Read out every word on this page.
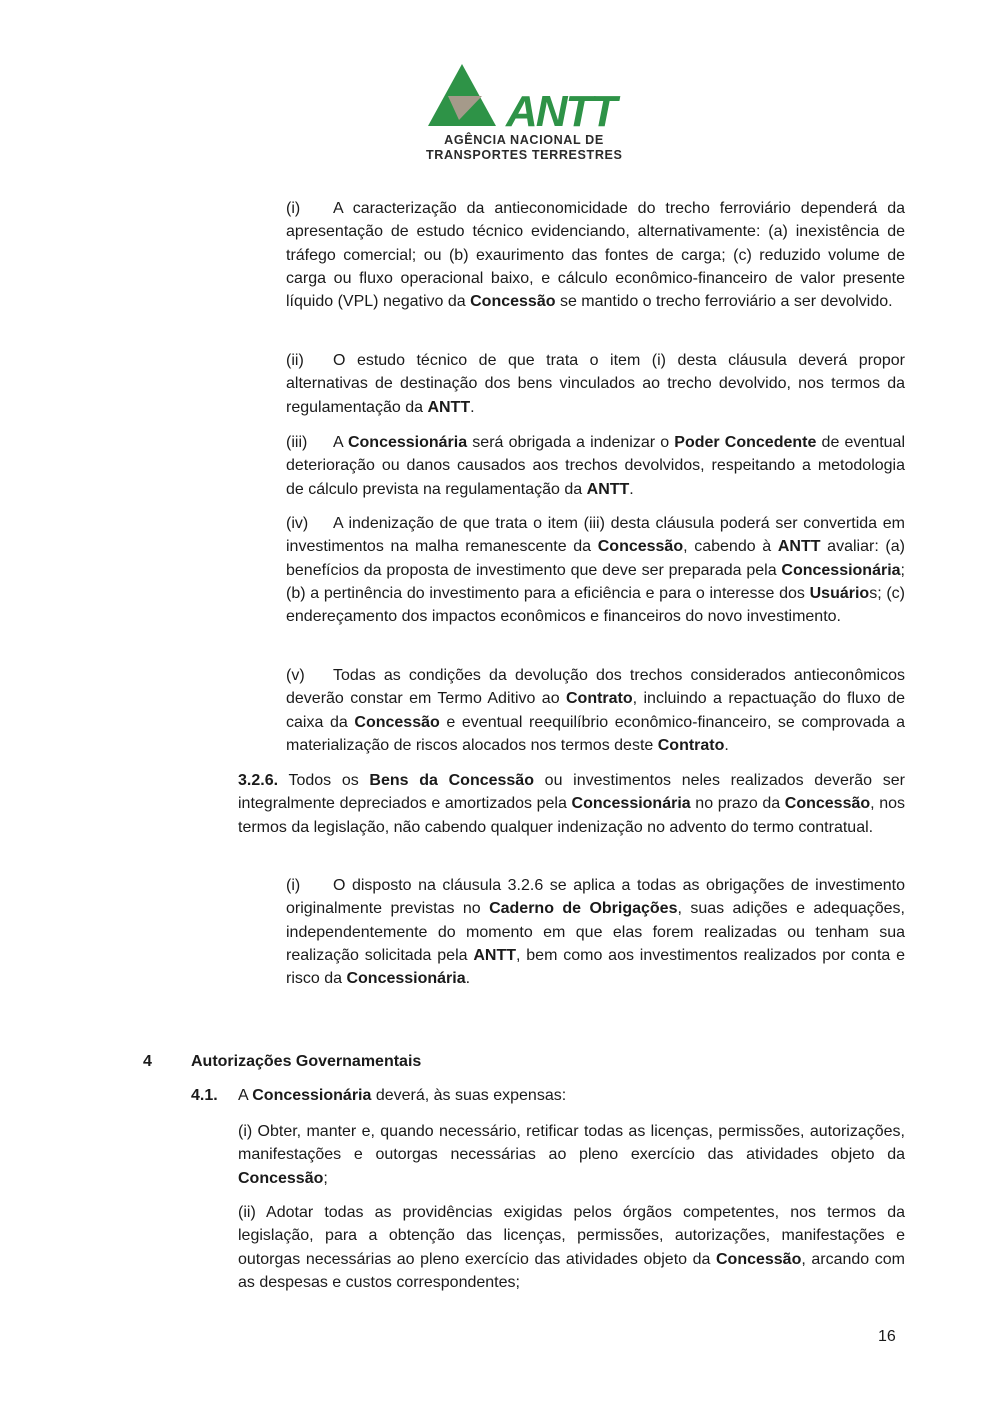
ANTT
AGÊNCIA NACIONAL DE
TRANSPORTES TERRESTRES
(i) A caracterização da antieconomicidade do trecho ferroviário dependerá da apresentação de estudo técnico evidenciando, alternativamente: (a) inexistência de tráfego comercial; ou (b) exaurimento das fontes de carga; (c) reduzido volume de carga ou fluxo operacional baixo, e cálculo econômico-financeiro de valor presente líquido (VPL) negativo da Concessão se mantido o trecho ferroviário a ser devolvido.
(ii) O estudo técnico de que trata o item (i) desta cláusula deverá propor alternativas de destinação dos bens vinculados ao trecho devolvido, nos termos da regulamentação da ANTT.
(iii) A Concessionária será obrigada a indenizar o Poder Concedente de eventual deterioração ou danos causados aos trechos devolvidos, respeitando a metodologia de cálculo prevista na regulamentação da ANTT.
(iv) A indenização de que trata o item (iii) desta cláusula poderá ser convertida em investimentos na malha remanescente da Concessão, cabendo à ANTT avaliar: (a) benefícios da proposta de investimento que deve ser preparada pela Concessionária; (b) a pertinência do investimento para a eficiência e para o interesse dos Usuários; (c) endereçamento dos impactos econômicos e financeiros do novo investimento.
(v) Todas as condições da devolução dos trechos considerados antieconômicos deverão constar em Termo Aditivo ao Contrato, incluindo a repactuação do fluxo de caixa da Concessão e eventual reequilíbrio econômico-financeiro, se comprovada a materialização de riscos alocados nos termos deste Contrato.
3.2.6. Todos os Bens da Concessão ou investimentos neles realizados deverão ser integralmente depreciados e amortizados pela Concessionária no prazo da Concessão, nos termos da legislação, não cabendo qualquer indenização no advento do termo contratual.
(i) O disposto na cláusula 3.2.6 se aplica a todas as obrigações de investimento originalmente previstas no Caderno de Obrigações, suas adições e adequações, independentemente do momento em que elas forem realizadas ou tenham sua realização solicitada pela ANTT, bem como aos investimentos realizados por conta e risco da Concessionária.
4 Autorizações Governamentais
4.1. A Concessionária deverá, às suas expensas:
(i) Obter, manter e, quando necessário, retificar todas as licenças, permissões, autorizações, manifestações e outorgas necessárias ao pleno exercício das atividades objeto da Concessão;
(ii) Adotar todas as providências exigidas pelos órgãos competentes, nos termos da legislação, para a obtenção das licenças, permissões, autorizações, manifestações e outorgas necessárias ao pleno exercício das atividades objeto da Concessão, arcando com as despesas e custos correspondentes;
16
